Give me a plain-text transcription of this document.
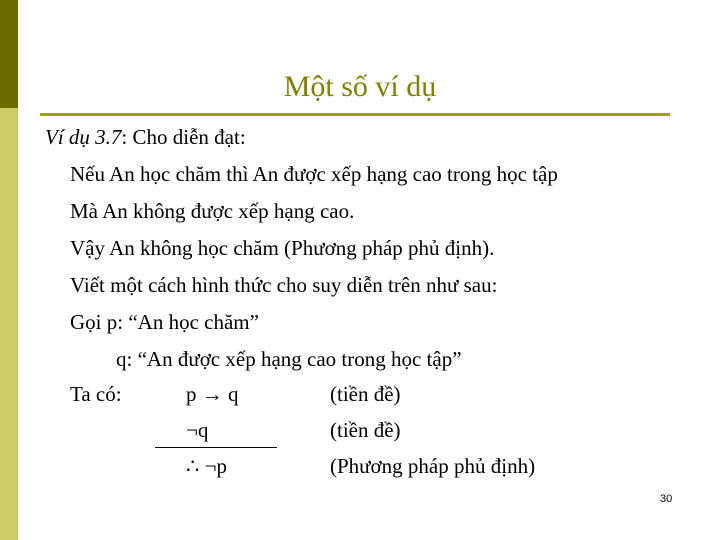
Một số ví dụ
Ví dụ 3.7: Cho diễn đạt:
Nếu An học chăm thì An được xếp hạng cao trong học tập
Mà An không được xếp hạng cao.
Vậy An không học chăm (Phương pháp phủ định).
Viết một cách hình thức cho suy diễn trên như sau:
Gọi p: “An học chăm”
q: “An được xếp hạng cao trong học tập”
Ta có:	p → q	(tiền đề)
¬q	(tiền đề)
∴ ¬p	(Phương pháp phủ định)
30
